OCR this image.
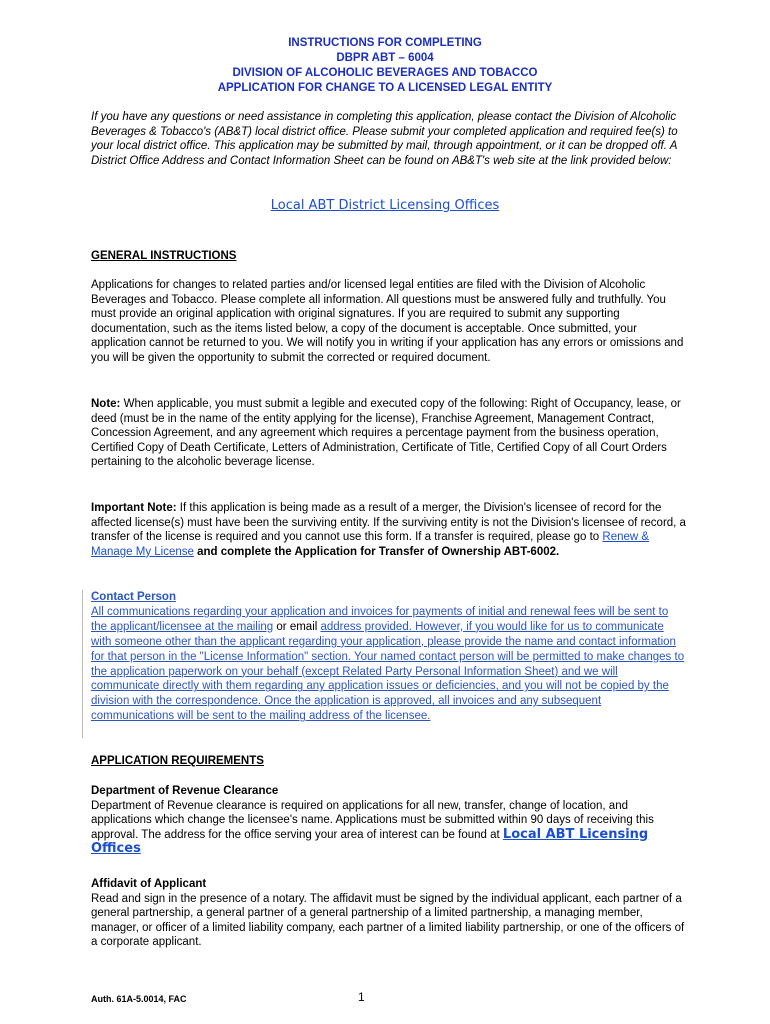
INSTRUCTIONS FOR COMPLETING
DBPR ABT – 6004
DIVISION OF ALCOHOLIC BEVERAGES AND TOBACCO
APPLICATION FOR CHANGE TO A LICENSED LEGAL ENTITY

If you have any questions or need assistance in completing this application, please contact the Division of Alcoholic Beverages & Tobacco's (AB&T) local district office. Please submit your completed application and required fee(s) to your local district office. This application may be submitted by mail, through appointment, or it can be dropped off. A District Office Address and Contact Information Sheet can be found on AB&T's web site at the link provided below:

Local ABT District Licensing Offices
GENERAL INSTRUCTIONS

Applications for changes to related parties and/or licensed legal entities are filed with the Division of Alcoholic Beverages and Tobacco. Please complete all information. All questions must be answered fully and truthfully. You must provide an original application with original signatures. If you are required to submit any supporting documentation, such as the items listed below, a copy of the document is acceptable. Once submitted, your application cannot be returned to you. We will notify you in writing if your application has any errors or omissions and you will be given the opportunity to submit the corrected or required document.

Note: When applicable, you must submit a legible and executed copy of the following: Right of Occupancy, lease, or deed (must be in the name of the entity applying for the license), Franchise Agreement, Management Contract, Concession Agreement, and any agreement which requires a percentage payment from the business operation, Certified Copy of Death Certificate, Letters of Administration, Certificate of Title, Certified Copy of all Court Orders pertaining to the alcoholic beverage license.

Important Note: If this application is being made as a result of a merger, the Division's licensee of record for the affected license(s) must have been the surviving entity. If the surviving entity is not the Division's licensee of record, a transfer of the license is required and you cannot use this form. If a transfer is required, please go to Renew & Manage My License and complete the Application for Transfer of Ownership ABT-6002.

Contact Person

All communications regarding your application and invoices for payments of initial and renewal fees will be sent to the applicant/licensee at the mailing or email address provided. However, if you would like for us to communicate with someone other than the applicant regarding your application, please provide the name and contact information for that person in the "License Information" section. Your named contact person will be permitted to make changes to the application paperwork on your behalf (except Related Party Personal Information Sheet) and we will communicate directly with them regarding any application issues or deficiencies, and you will not be copied by the division with the correspondence. Once the application is approved, all invoices and any subsequent communications will be sent to the mailing address of the licensee.

APPLICATION REQUIREMENTS
Department of Revenue Clearance

Department of Revenue clearance is required on applications for all new, transfer, change of location, and applications which change the licensee's name. Applications must be submitted within 90 days of receiving this approval. The address for the office serving your area of interest can be found at Local ABT Licensing Offices

Affidavit of Applicant

Read and sign in the presence of a notary. The affidavit must be signed by the individual applicant, each partner of a general partnership, a general partner of a general partnership of a limited partnership, a managing member, manager, or officer of a limited liability company, each partner of a limited liability partnership, or one of the officers of a corporate applicant.

Auth. 61A-5.0014, FAC	1
